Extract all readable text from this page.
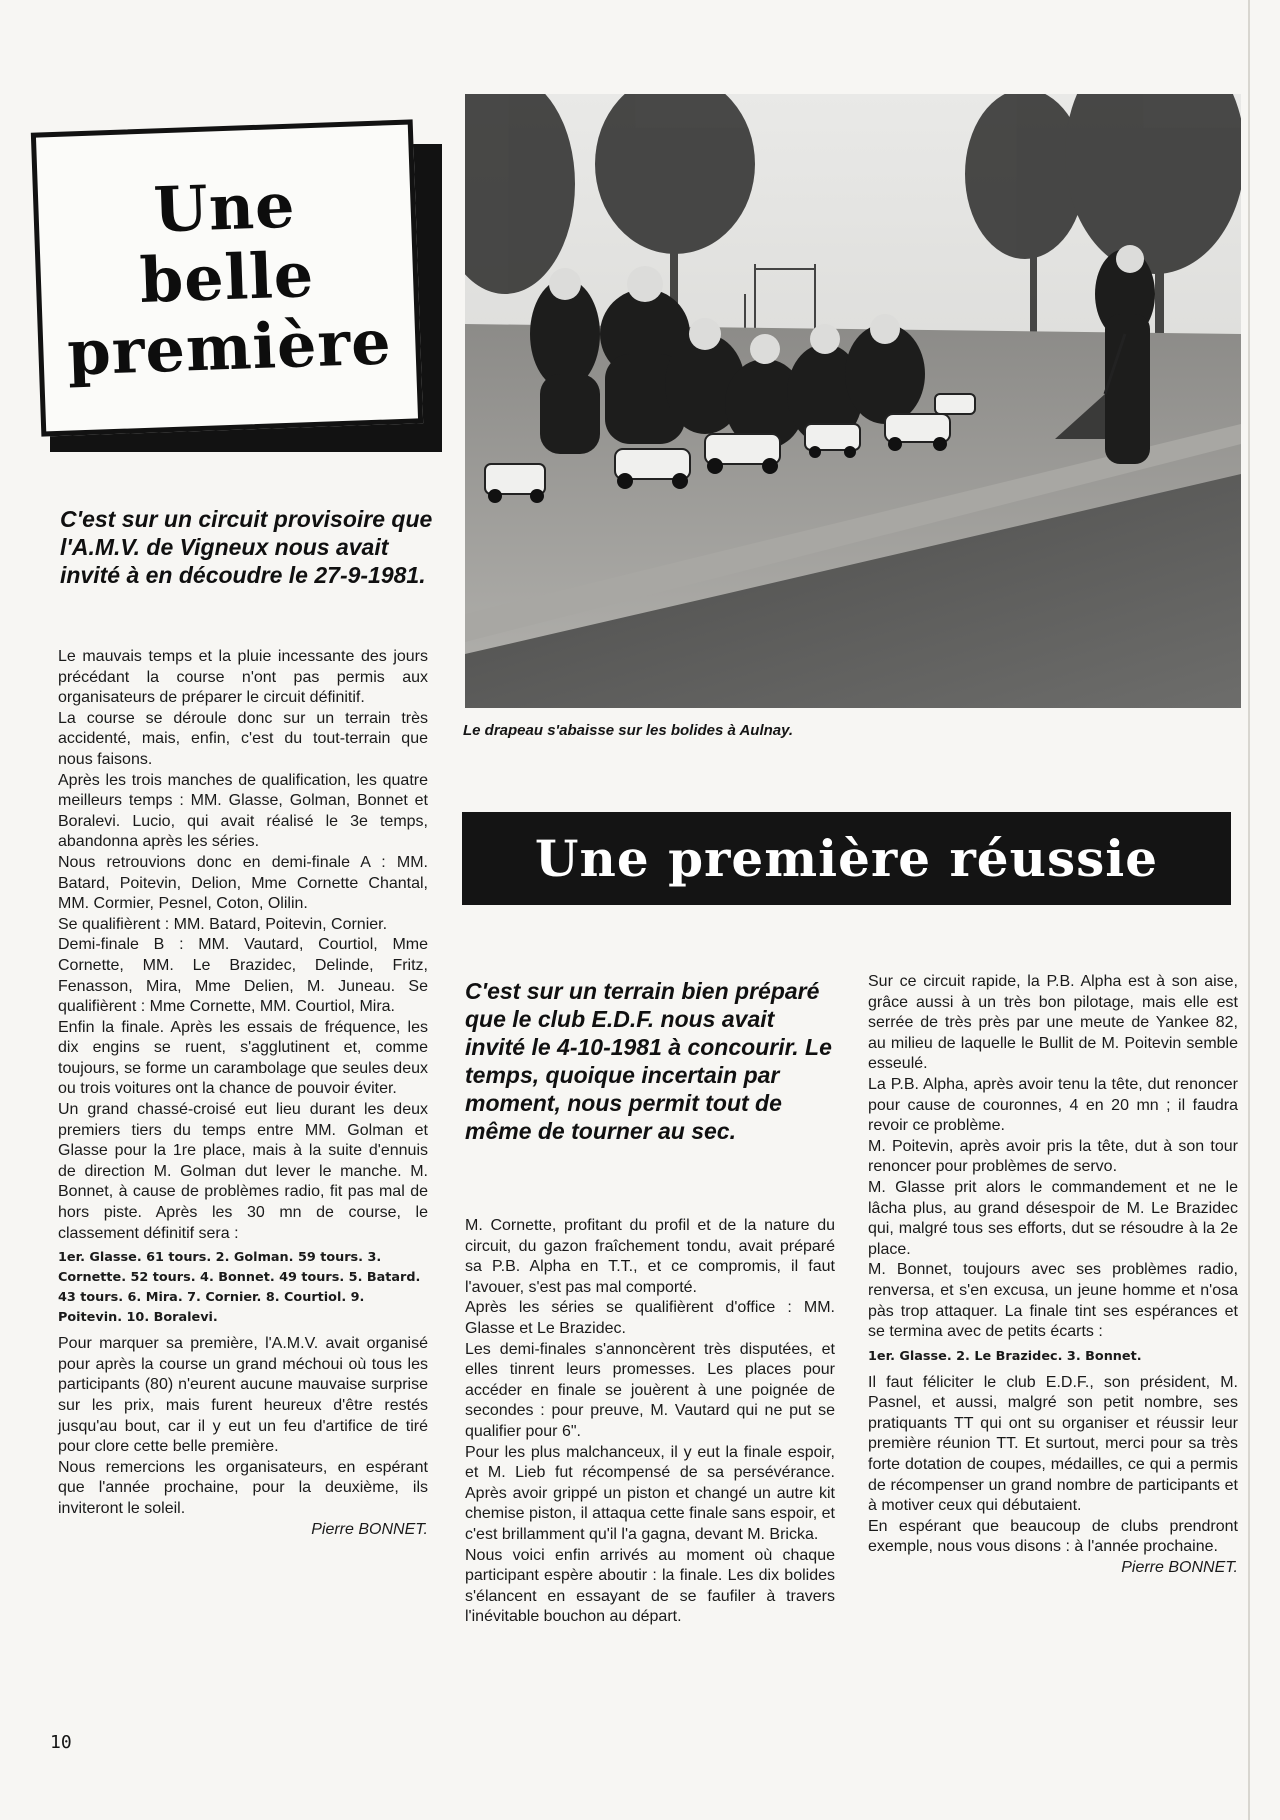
Une
belle
première
C'est sur un circuit provisoire que l'A.M.V. de Vigneux nous avait invité à en découdre le 27-9-1981.
Le drapeau s'abaisse sur les bolides à Aulnay.
Une première réussie
C'est sur un terrain bien préparé que le club E.D.F. nous avait invité le 4-10-1981 à concourir. Le temps, quoique incertain par moment, nous permit tout de même de tourner au sec.

Le mauvais temps et la pluie incessante des jours précédant la course n'ont pas permis aux organisateurs de préparer le circuit définitif.

La course se déroule donc sur un terrain très accidenté, mais, enfin, c'est du tout-terrain que nous faisons.

Après les trois manches de qualification, les quatre meilleurs temps : MM. Glasse, Golman, Bonnet et Boralevi. Lucio, qui avait réalisé le 3e temps, abandonna après les séries.

Nous retrouvions donc en demi-finale A : MM. Batard, Poitevin, Delion, Mme Cornette Chantal, MM. Cormier, Pesnel, Coton, Olilin.

Se qualifièrent : MM. Batard, Poitevin, Cornier.

Demi-finale B : MM. Vautard, Courtiol, Mme Cornette, MM. Le Brazidec, Delinde, Fritz, Fenasson, Mira, Mme Delien, M. Juneau. Se qualifièrent : Mme Cornette, MM. Courtiol, Mira.

Enfin la finale. Après les essais de fréquence, les dix engins se ruent, s'agglutinent et, comme toujours, se forme un carambolage que seules deux ou trois voitures ont la chance de pouvoir éviter.

Un grand chassé-croisé eut lieu durant les deux premiers tiers du temps entre MM. Golman et Glasse pour la 1re place, mais à la suite d'ennuis de direction M. Golman dut lever le manche. M. Bonnet, à cause de problèmes radio, fit pas mal de hors piste. Après les 30 mn de course, le classement définitif sera :

1er. Glasse. 61 tours. 2. Golman. 59 tours. 3. Cornette. 52 tours. 4. Bonnet. 49 tours. 5. Batard. 43 tours. 6. Mira. 7. Cornier. 8. Courtiol. 9. Poitevin. 10. Boralevi.

Pour marquer sa première, l'A.M.V. avait organisé pour après la course un grand méchoui où tous les participants (80) n'eurent aucune mauvaise surprise sur les prix, mais furent heureux d'être restés jusqu'au bout, car il y eut un feu d'artifice de tiré pour clore cette belle première.

Nous remercions les organisateurs, en espérant que l'année prochaine, pour la deuxième, ils inviteront le soleil.

Pierre BONNET.

M. Cornette, profitant du profil et de la nature du circuit, du gazon fraîchement tondu, avait préparé sa P.B. Alpha en T.T., et ce compromis, il faut l'avouer, s'est pas mal comporté.

Après les séries se qualifièrent d'office : MM. Glasse et Le Brazidec.

Les demi-finales s'annoncèrent très disputées, et elles tinrent leurs promesses. Les places pour accéder en finale se jouèrent à une poignée de secondes : pour preuve, M. Vautard qui ne put se qualifier pour 6".

Pour les plus malchanceux, il y eut la finale espoir, et M. Lieb fut récompensé de sa persévérance. Après avoir grippé un piston et changé un autre kit chemise piston, il attaqua cette finale sans espoir, et c'est brillamment qu'il l'a gagna, devant M. Bricka.

Nous voici enfin arrivés au moment où chaque participant espère aboutir : la finale. Les dix bolides s'élancent en essayant de se faufiler à travers l'inévitable bouchon au départ.

Sur ce circuit rapide, la P.B. Alpha est à son aise, grâce aussi à un très bon pilotage, mais elle est serrée de très près par une meute de Yankee 82, au milieu de laquelle le Bullit de M. Poitevin semble esseulé.

La P.B. Alpha, après avoir tenu la tête, dut renoncer pour cause de couronnes, 4 en 20 mn ; il faudra revoir ce problème.

M. Poitevin, après avoir pris la tête, dut à son tour renoncer pour problèmes de servo.

M. Glasse prit alors le commandement et ne le lâcha plus, au grand désespoir de M. Le Brazidec qui, malgré tous ses efforts, dut se résoudre à la 2e place.

M. Bonnet, toujours avec ses problèmes radio, renversa, et s'en excusa, un jeune homme et n'osa pàs trop attaquer. La finale tint ses espérances et se termina avec de petits écarts :

1er. Glasse. 2. Le Brazidec. 3. Bonnet.

Il faut féliciter le club E.D.F., son président, M. Pasnel, et aussi, malgré son petit nombre, ses pratiquants TT qui ont su organiser et réussir leur première réunion TT. Et surtout, merci pour sa très forte dotation de coupes, médailles, ce qui a permis de récompenser un grand nombre de participants et à motiver ceux qui débutaient.

En espérant que beaucoup de clubs prendront exemple, nous vous disons : à l'année prochaine.

Pierre BONNET.

10
